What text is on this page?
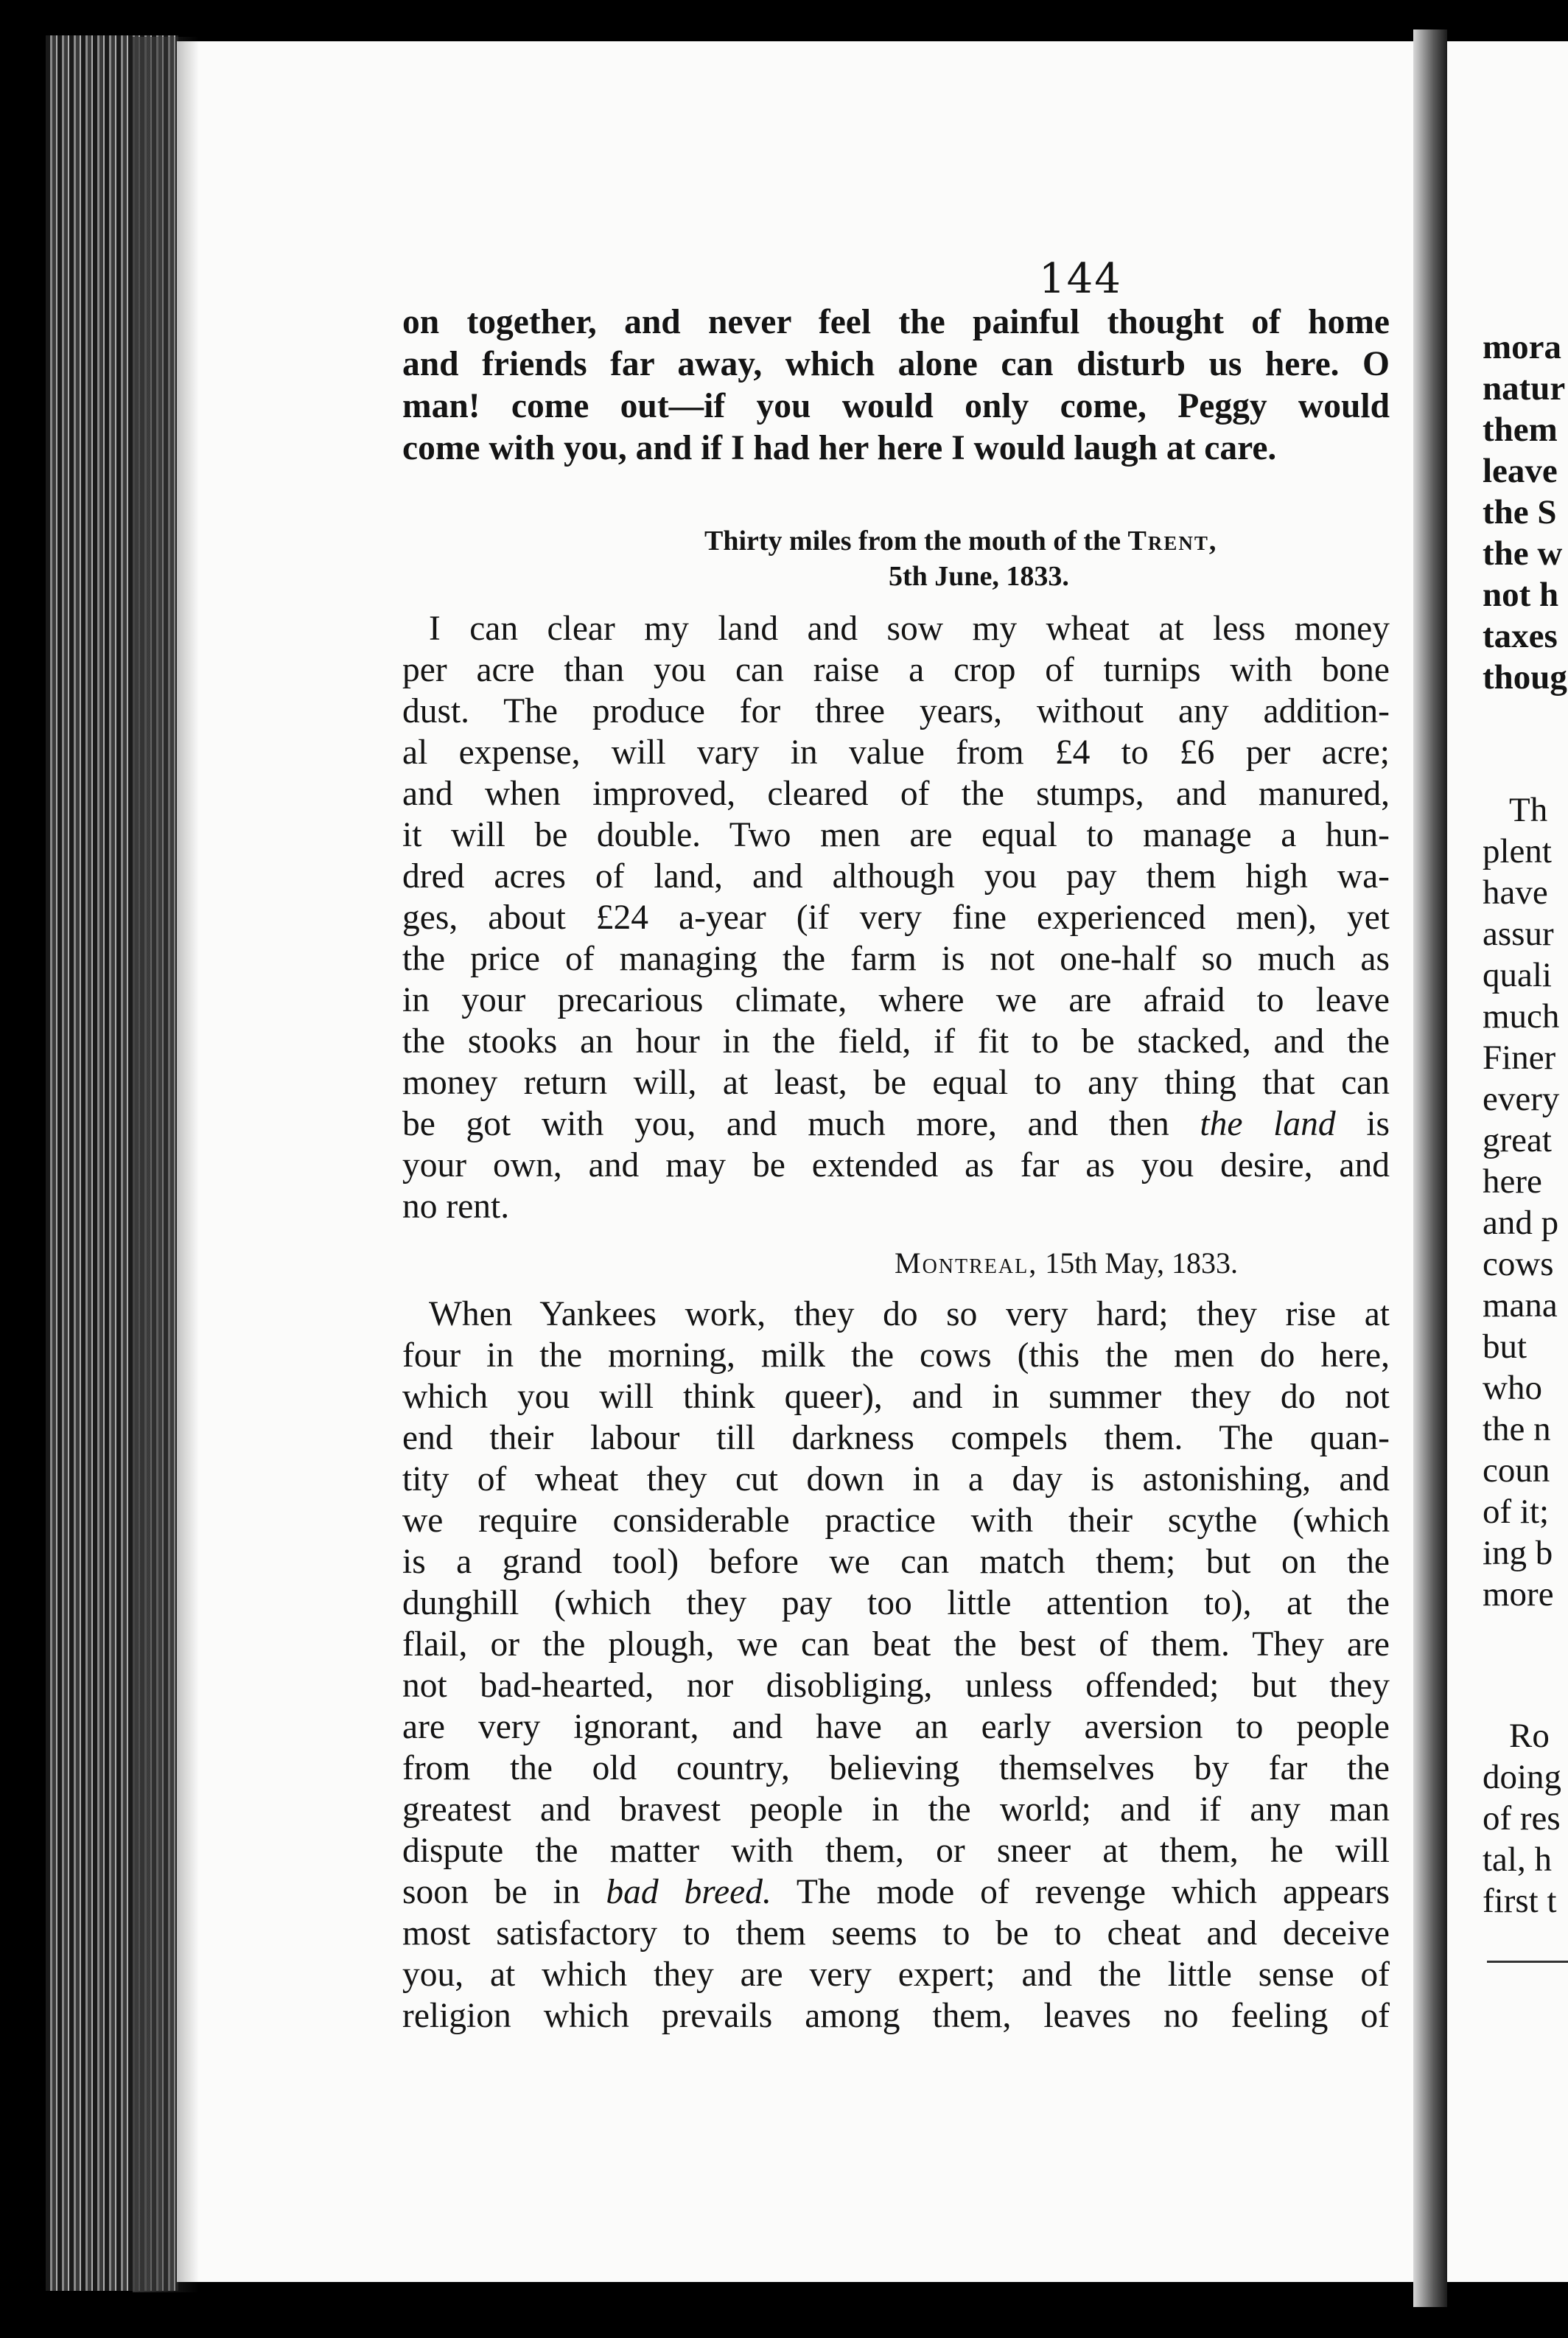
144
on together, and never feel the painful thought of home
and friends far away, which alone can disturb us here. O
man! come out—if you would only come, Peggy would
come with you, and if I had her here I would laugh at care.
Thirty miles from the mouth of the Trent,
5th June, 1833.
I can clear my land and sow my wheat at less money
per acre than you can raise a crop of turnips with bone
dust. The produce for three years, without any addition-
al expense, will vary in value from £4 to £6 per acre;
and when improved, cleared of the stumps, and manured,
it will be double. Two men are equal to manage a hun-
dred acres of land, and although you pay them high wa-
ges, about £24 a-year (if very fine experienced men), yet
the price of managing the farm is not one-half so much as
in your precarious climate, where we are afraid to leave
the stooks an hour in the field, if fit to be stacked, and the
money return will, at least, be equal to any thing that can
be got with you, and much more, and then the land is
your own, and may be extended as far as you desire, and
no rent.
Montreal, 15th May, 1833.
When Yankees work, they do so very hard; they rise at
four in the morning, milk the cows (this the men do here,
which you will think queer), and in summer they do not
end their labour till darkness compels them. The quan-
tity of wheat they cut down in a day is astonishing, and
we require considerable practice with their scythe (which
is a grand tool) before we can match them; but on the
dunghill (which they pay too little attention to), at the
flail, or the plough, we can beat the best of them. They are
not bad-hearted, nor disobliging, unless offended; but they
are very ignorant, and have an early aversion to people
from the old country, believing themselves by far the
greatest and bravest people in the world; and if any man
dispute the matter with them, or sneer at them, he will
soon be in bad breed. The mode of revenge which appears
most satisfactory to them seems to be to cheat and deceive
you, at which they are very expert; and the little sense of
religion which prevails among them, leaves no feeling of
mora
natur
them
leave
the S
the w
not h
taxes
thoug
Th
plent
have
assur
quali
much
Finer
every
great
here
and p
cows
mana
but
who
the n
coun
of it;
ing b
more
Ro
doing
of res
tal, h
first t
